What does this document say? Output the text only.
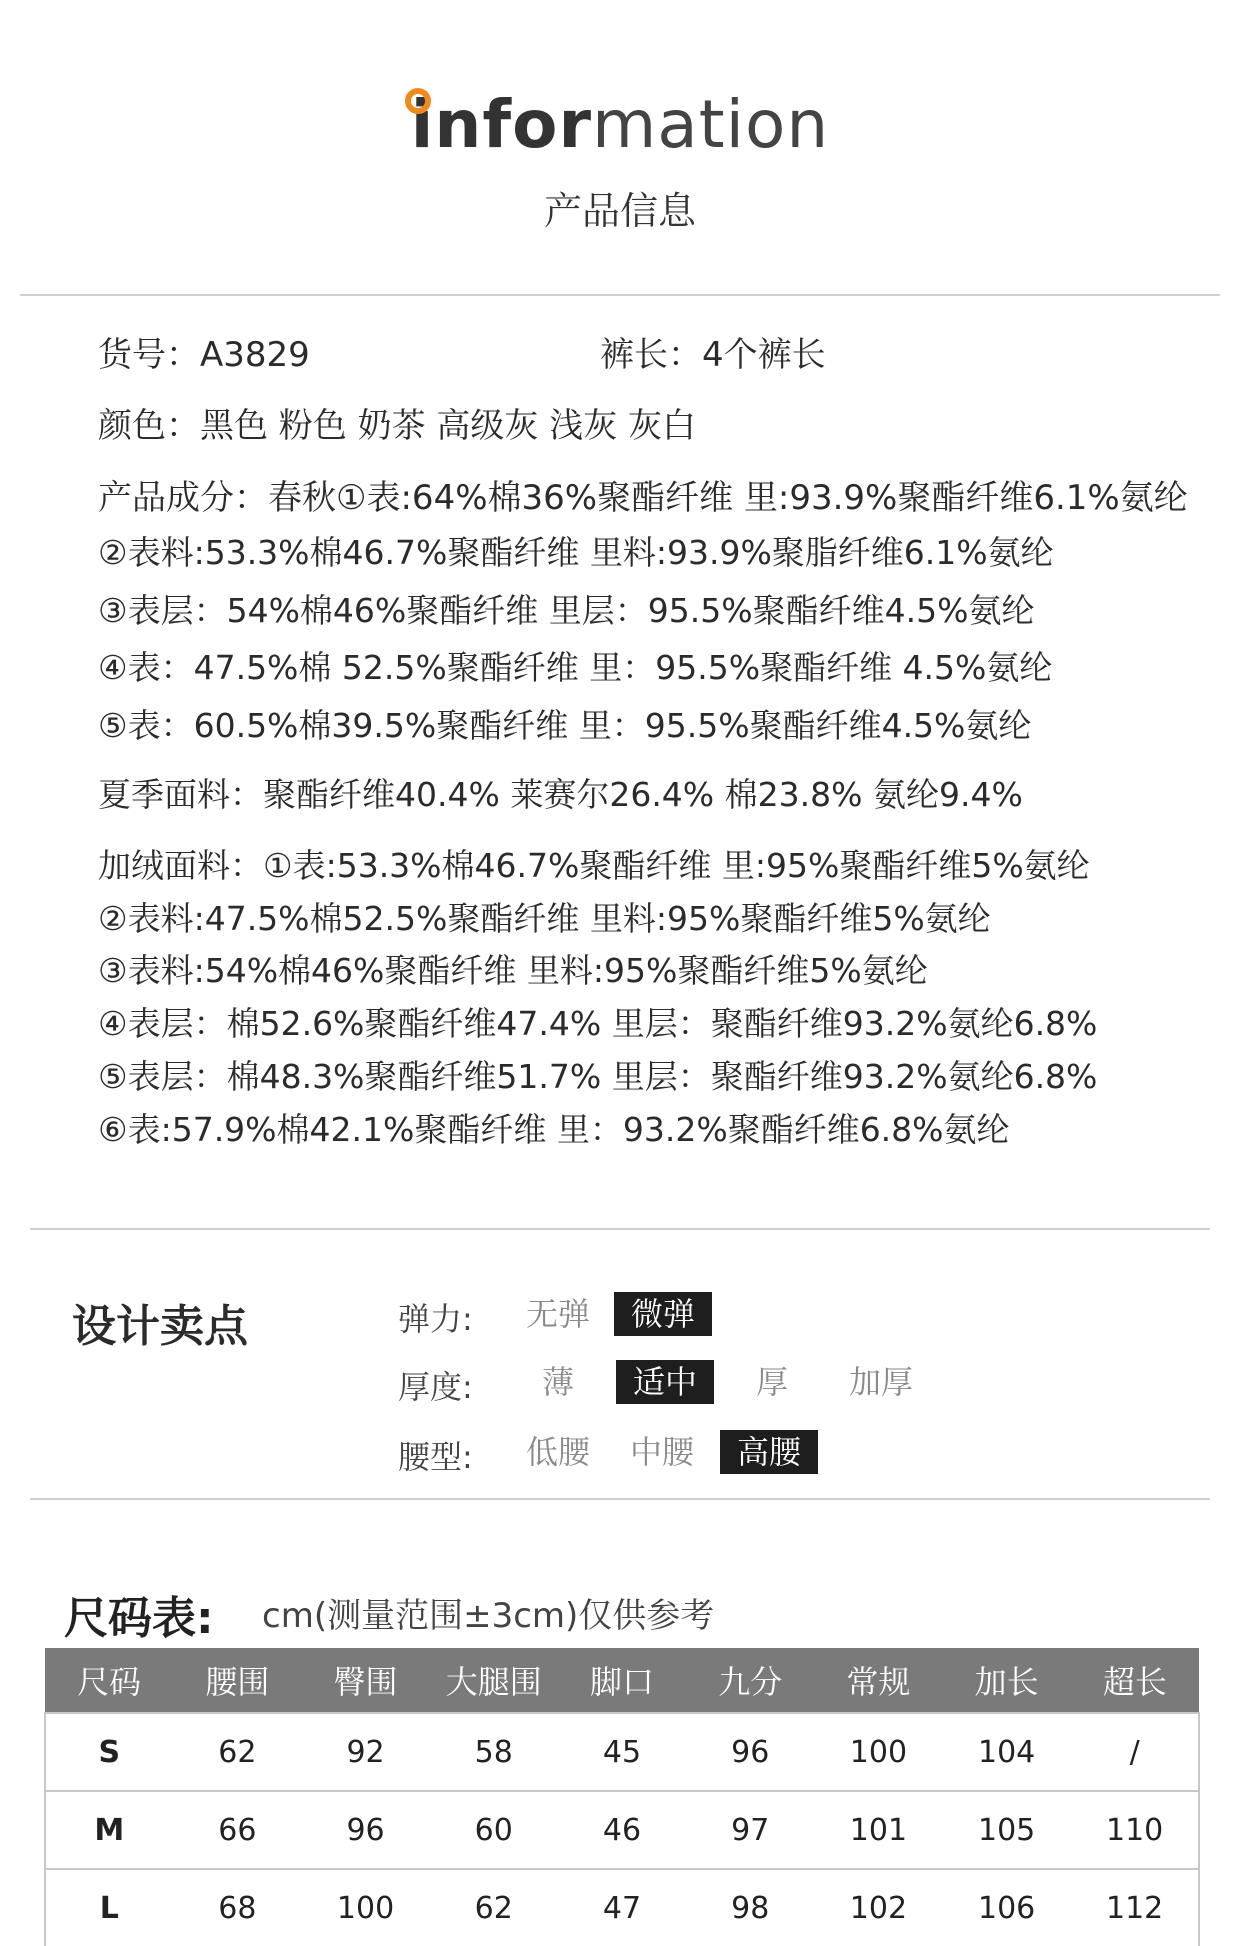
information
产品信息
货号：A3829	裤长：4个裤长
颜色：黑色 粉色 奶茶 高级灰 浅灰 灰白
产品成分：春秋①表:64%棉36%聚酯纤维 里:93.9%聚酯纤维6.1%氨纶
②表料:53.3%棉46.7%聚酯纤维 里料:93.9%聚脂纤维6.1%氨纶
③表层：54%棉46%聚酯纤维 里层：95.5%聚酯纤维4.5%氨纶
④表：47.5%棉 52.5%聚酯纤维 里：95.5%聚酯纤维 4.5%氨纶
⑤表：60.5%棉39.5%聚酯纤维 里：95.5%聚酯纤维4.5%氨纶
夏季面料：聚酯纤维40.4% 莱赛尔26.4% 棉23.8% 氨纶9.4%
加绒面料：①表:53.3%棉46.7%聚酯纤维 里:95%聚酯纤维5%氨纶
②表料:47.5%棉52.5%聚酯纤维 里料:95%聚酯纤维5%氨纶
③表料:54%棉46%聚酯纤维 里料:95%聚酯纤维5%氨纶
④表层：棉52.6%聚酯纤维47.4% 里层：聚酯纤维93.2%氨纶6.8%
⑤表层：棉48.3%聚酯纤维51.7% 里层：聚酯纤维93.2%氨纶6.8%
⑥表:57.9%棉42.1%聚酯纤维 里：93.2%聚酯纤维6.8%氨纶
设计卖点	弹力:	无弹	微弹
厚度:	薄	适中	厚	加厚
腰型:	低腰	中腰	高腰
尺码表: cm(测量范围±3cm)仅供参考
尺码	腰围	臀围	大腿围	脚口	九分	常规	加长	超长
S	62	92	58	45	96	100	104	/
M	66	96	60	46	97	101	105	110
L	68	100	62	47	98	102	106	112
